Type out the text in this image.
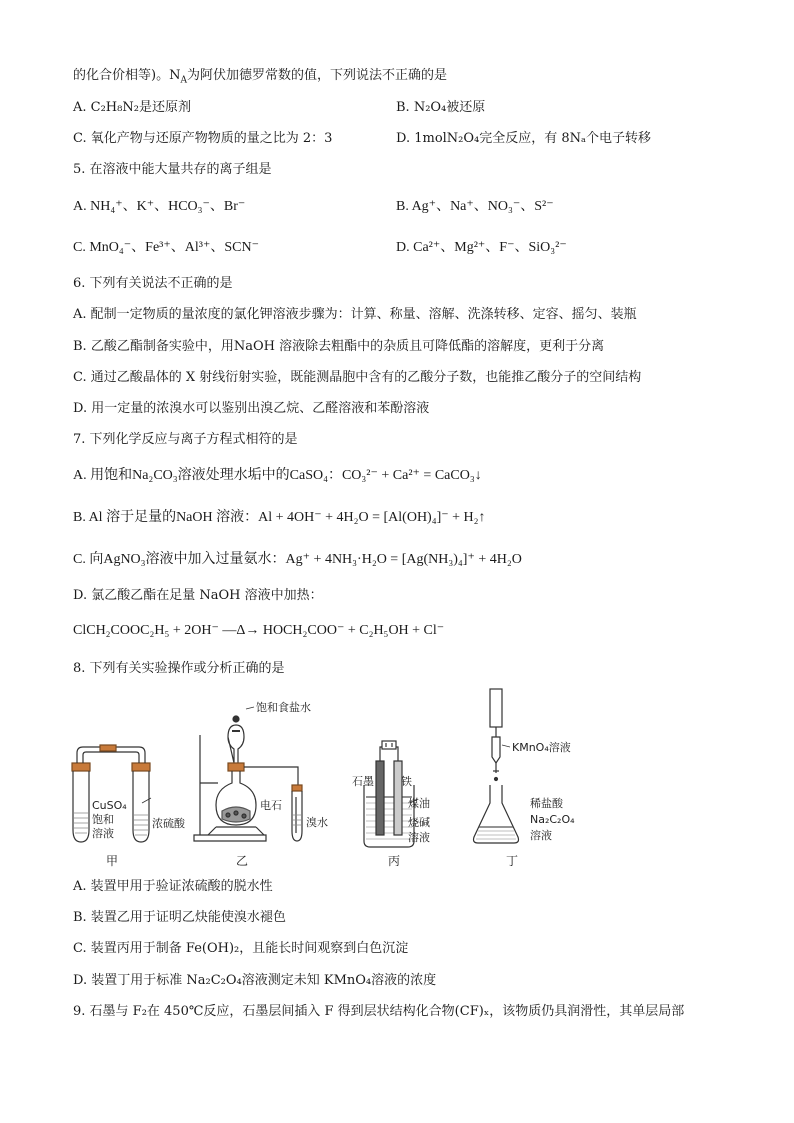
的化合价相等)。$N_A$为阿伏加德罗常数的值，下列说法不正确的是
A. C₂H₈N₂是还原剂	B. N₂O₄被还原
C. 氧化产物与还原产物物质的量之比为 2：3	D. 1molN₂O₄完全反应，有 8Nₐ个电子转移
5. 在溶液中能大量共存的离子组是
A. NH₄⁺、K⁺、HCO₃⁻、Br⁻	B. Ag⁺、Na⁺、NO₃⁻、S²⁻
C. MnO₄⁻、Fe³⁺、Al³⁺、SCN⁻	D. Ca²⁺、Mg²⁺、F⁻、SiO₃²⁻
6. 下列有关说法不正确的是
A. 配制一定物质的量浓度的氯化钾溶液步骤为：计算、称量、溶解、洗涤转移、定容、摇匀、装瓶
B. 乙酸乙酯制备实验中，用NaOH 溶液除去粗酯中的杂质且可降低酯的溶解度，更利于分离
C. 通过乙酸晶体的 X 射线衍射实验，既能测晶胞中含有的乙酸分子数，也能推乙酸分子的空间结构
D. 用一定量的浓溴水可以鉴别出溴乙烷、乙醛溶液和苯酚溶液
7. 下列化学反应与离子方程式相符的是
A. 用饱和Na₂CO₃溶液处理水垢中的CaSO₄：CO₃²⁻ + Ca²⁺ = CaCO₃↓
B. Al 溶于足量的NaOH 溶液：Al + 4OH⁻ + 4H₂O = [Al(OH)₄]⁻ + H₂↑
C. 向AgNO₃溶液中加入过量氨水：Ag⁺ + 4NH₃·H₂O = [Ag(NH₃)₄]⁺ + 4H₂O
D. 氯乙酸乙酯在足量 NaOH 溶液中加热：
ClCH₂COOC₂H₅ + 2OH⁻ —Δ→ HOCH₂COO⁻ + C₂H₅OH + Cl⁻
8. 下列有关实验操作或分析正确的是
CuSO₄
饱和
溶液
浓硫酸
甲
饱和食盐水
电石
溴水
乙
石墨 铁
煤油
烧碱
溶液
丙
KMnO₄溶液
稀盐酸
Na₂C₂O₄
溶液
丁
A. 装置甲用于验证浓硫酸的脱水性
B. 装置乙用于证明乙炔能使溴水褪色
C. 装置丙用于制备 Fe(OH)₂，且能长时间观察到白色沉淀
D. 装置丁用于标准 Na₂C₂O₄溶液测定未知 KMnO₄溶液的浓度
9. 石墨与 F₂在 450℃反应，石墨层间插入 F 得到层状结构化合物(CF)ₓ，该物质仍具润滑性，其单层局部
